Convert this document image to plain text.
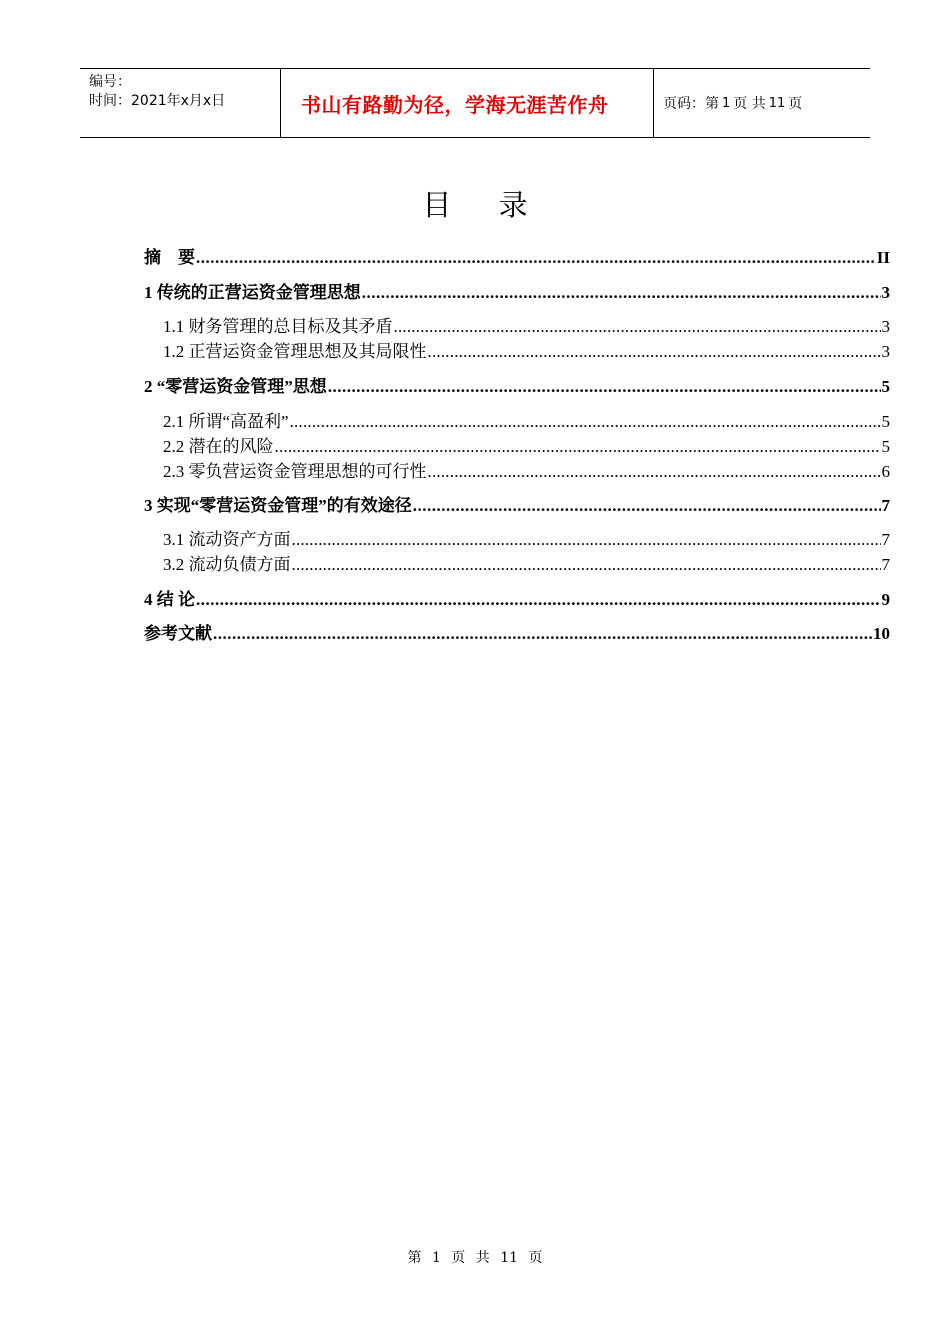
编号：
时间：2021年x月x日	书山有路勤为径，学海无涯苦作舟	页码：第 1 页 共 11 页
目 录
摘　要 .....	II
1 传统的正营运资金管理思想 .....	3
1.1 财务管理的总目标及其矛盾 .....	3
1.2 正营运资金管理思想及其局限性 .....	3
2 “零营运资金管理”思想 .....	5
2.1 所谓“高盈利” .....	5
2.2 潜在的风险 .....	5
2.3 零负营运资金管理思想的可行性 .....	6
3 实现“零营运资金管理”的有效途径 .....	7
3.1 流动资产方面 .....	7
3.2 流动负债方面 .....	7
4 结 论 .....	9
参考文献 .....	10
第 1 页 共 11 页
